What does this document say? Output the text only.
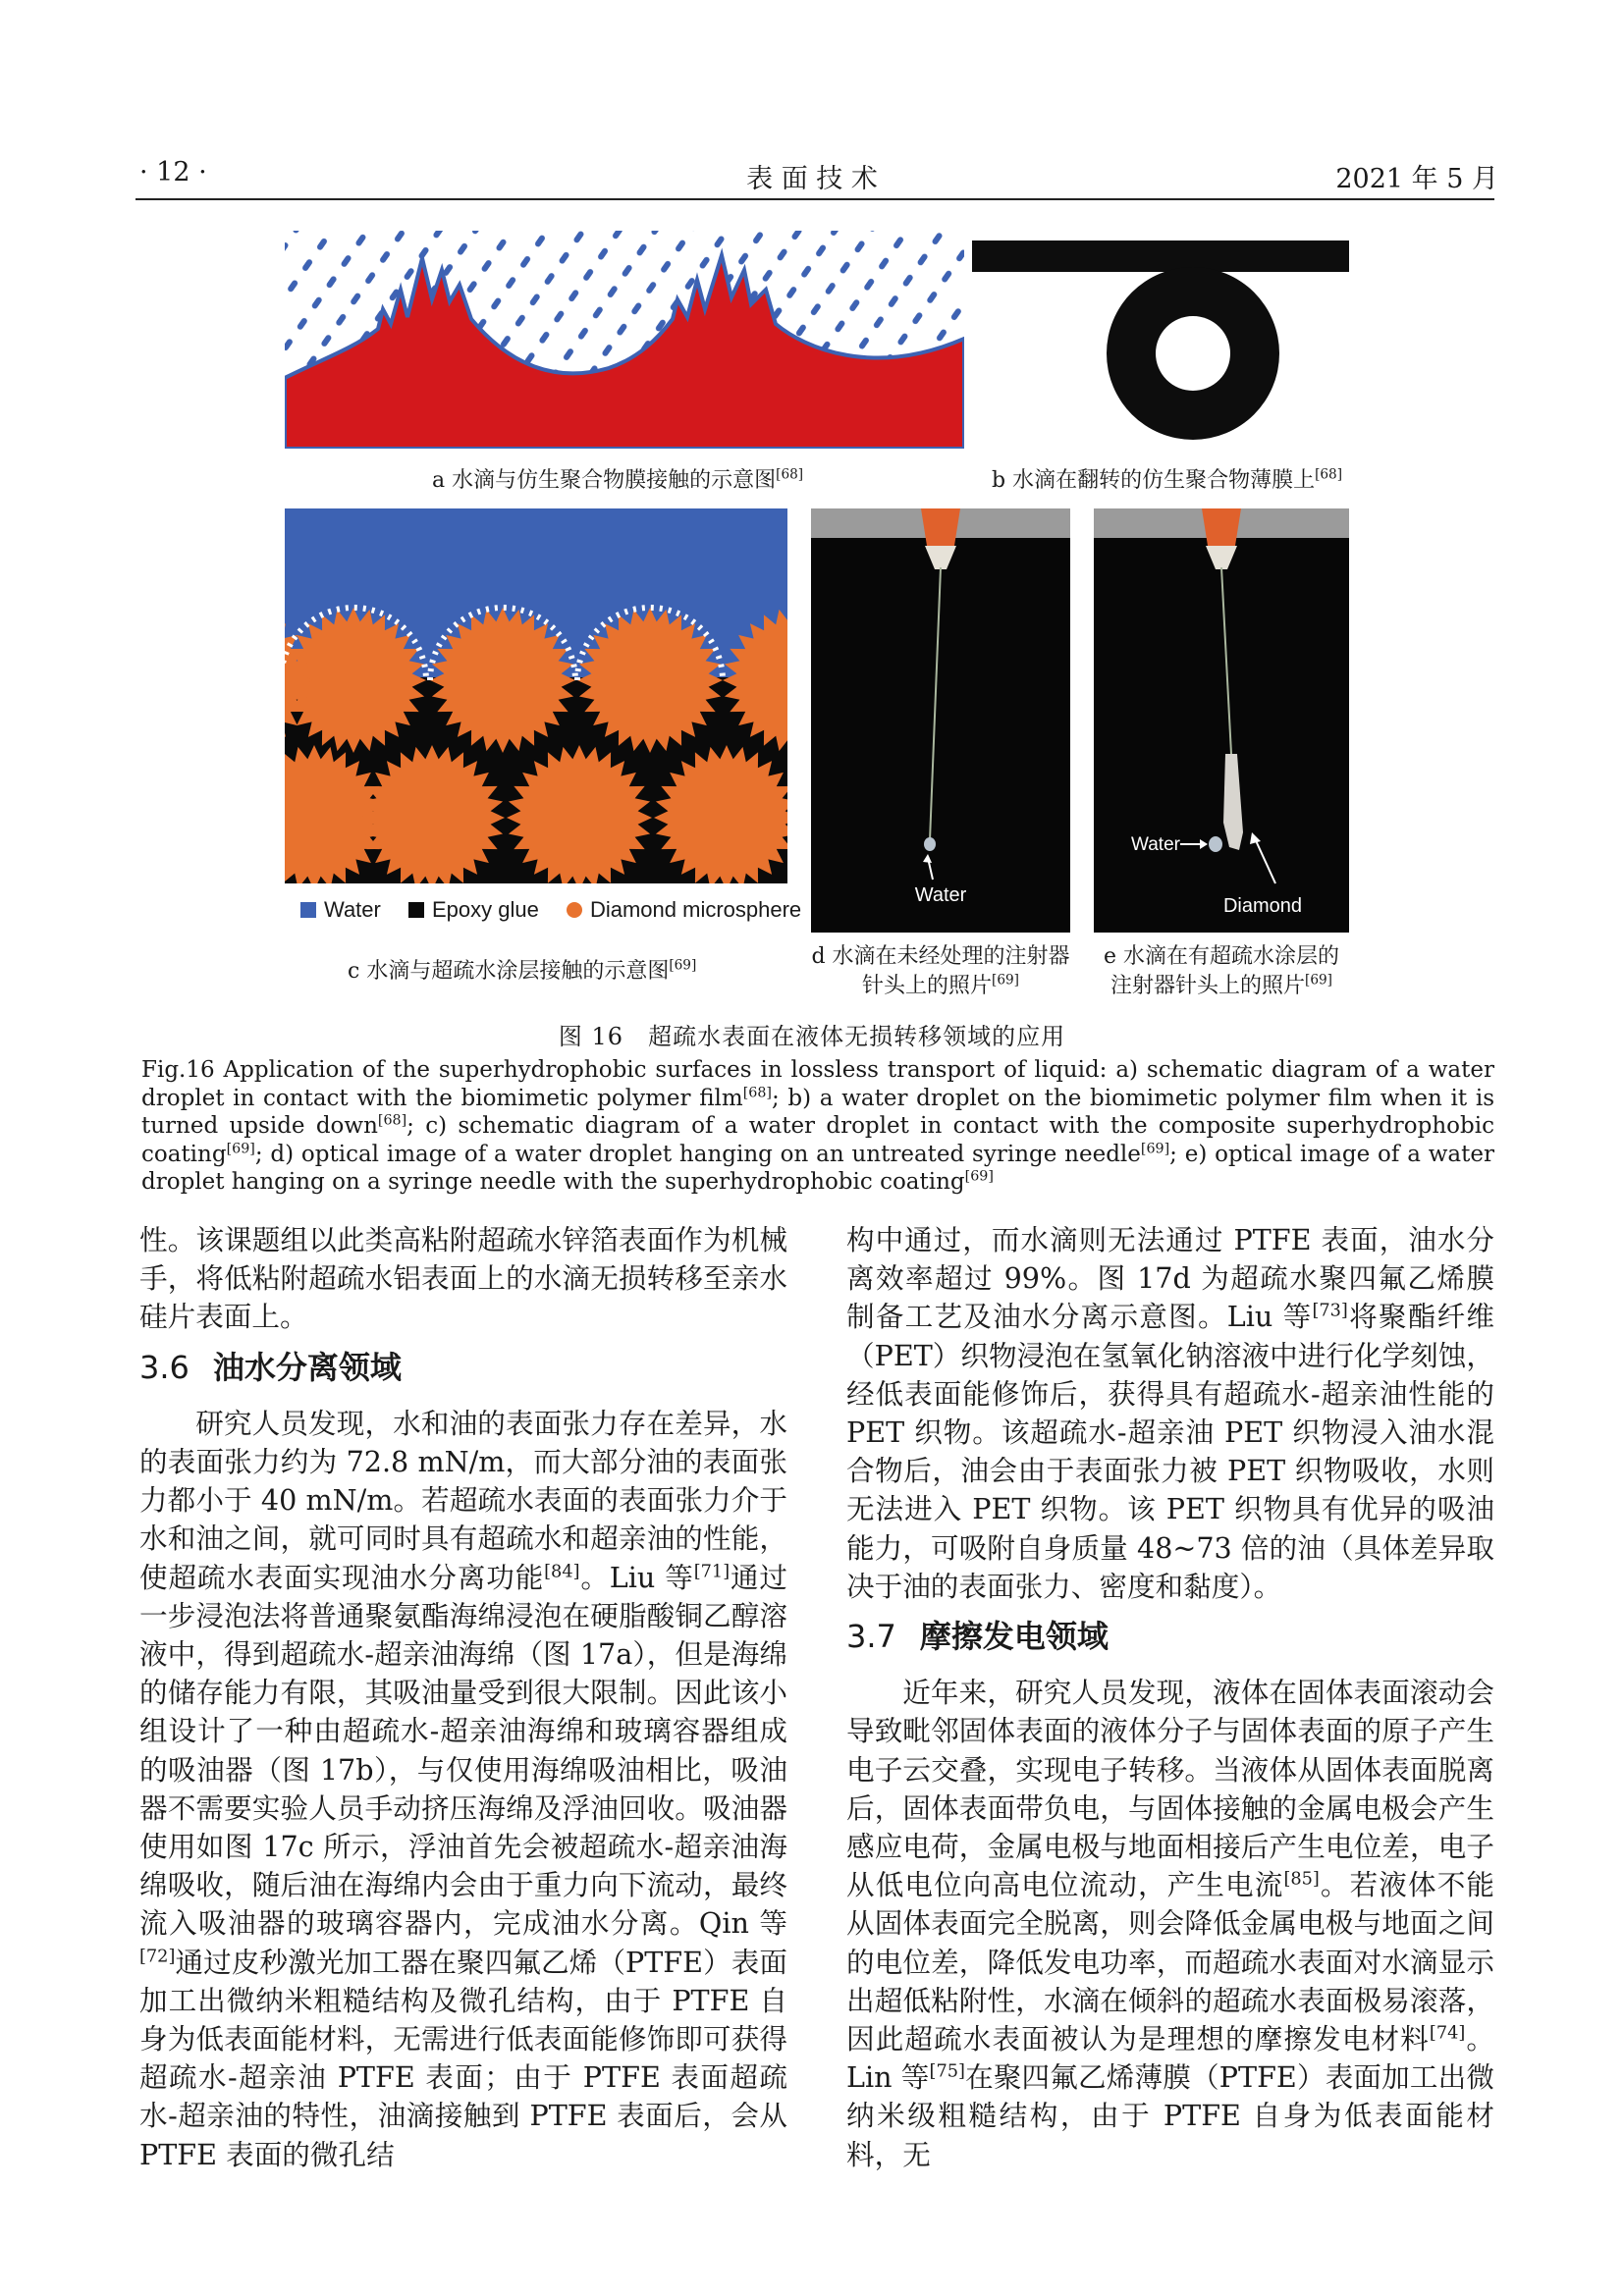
· 12 ·	表 面 技 术	2021 年 5 月
a 水滴与仿生聚合物膜接触的示意图[68]	b 水滴在翻转的仿生聚合物薄膜上[68]
Water
Epoxy glue
Diamond microsphere
c 水滴与超疏水涂层接触的示意图[69]
Water
d 水滴在未经处理的注射器
针头上的照片[69]
Water
Diamond
e 水滴在有超疏水涂层的
注射器针头上的照片[69]
图 16　超疏水表面在液体无损转移领域的应用
Fig.16 Application of the superhydrophobic surfaces in lossless transport of liquid: a) schematic diagram of a water droplet in contact with the biomimetic polymer film[68]; b) a water droplet on the biomimetic polymer film when it is turned upside down[68]; c) schematic diagram of a water droplet in contact with the composite superhydrophobic coating[69]; d) optical image of a water droplet hanging on an untreated syringe needle[69]; e) optical image of a water droplet hanging on a syringe needle with the superhydrophobic coating[69]

性。该课题组以此类高粘附超疏水锌箔表面作为机械手，将低粘附超疏水铝表面上的水滴无损转移至亲水硅片表面上。

3.6 油水分离领域

研究人员发现，水和油的表面张力存在差异，水的表面张力约为 72.8 mN/m，而大部分油的表面张力都小于 40 mN/m。若超疏水表面的表面张力介于水和油之间，就可同时具有超疏水和超亲油的性能，使超疏水表面实现油水分离功能[84]。Liu 等[71]通过一步浸泡法将普通聚氨酯海绵浸泡在硬脂酸铜乙醇溶液中，得到超疏水-超亲油海绵（图 17a），但是海绵的储存能力有限，其吸油量受到很大限制。因此该小组设计了一种由超疏水-超亲油海绵和玻璃容器组成的吸油器（图 17b），与仅使用海绵吸油相比，吸油器不需要实验人员手动挤压海绵及浮油回收。吸油器使用如图 17c 所示，浮油首先会被超疏水-超亲油海绵吸收，随后油在海绵内会由于重力向下流动，最终流入吸油器的玻璃容器内，完成油水分离。Qin 等[72]通过皮秒激光加工器在聚四氟乙烯（PTFE）表面加工出微纳米粗糙结构及微孔结构，由于 PTFE 自身为低表面能材料，无需进行低表面能修饰即可获得超疏水-超亲油 PTFE 表面；由于 PTFE 表面超疏水-超亲油的特性，油滴接触到 PTFE 表面后，会从 PTFE 表面的微孔结

构中通过，而水滴则无法通过 PTFE 表面，油水分离效率超过 99%。图 17d 为超疏水聚四氟乙烯膜制备工艺及油水分离示意图。Liu 等[73]将聚酯纤维（PET）织物浸泡在氢氧化钠溶液中进行化学刻蚀，经低表面能修饰后，获得具有超疏水-超亲油性能的 PET 织物。该超疏水-超亲油 PET 织物浸入油水混合物后，油会由于表面张力被 PET 织物吸收，水则无法进入 PET 织物。该 PET 织物具有优异的吸油能力，可吸附自身质量 48~73 倍的油（具体差异取决于油的表面张力、密度和黏度）。

3.7 摩擦发电领域

近年来，研究人员发现，液体在固体表面滚动会导致毗邻固体表面的液体分子与固体表面的原子产生电子云交叠，实现电子转移。当液体从固体表面脱离后，固体表面带负电，与固体接触的金属电极会产生感应电荷，金属电极与地面相接后产生电位差，电子从低电位向高电位流动，产生电流[85]。若液体不能从固体表面完全脱离，则会降低金属电极与地面之间的电位差，降低发电功率，而超疏水表面对水滴显示出超低粘附性，水滴在倾斜的超疏水表面极易滚落，因此超疏水表面被认为是理想的摩擦发电材料[74]。Lin 等[75]在聚四氟乙烯薄膜（PTFE）表面加工出微纳米级粗糙结构，由于 PTFE 自身为低表面能材料，无
